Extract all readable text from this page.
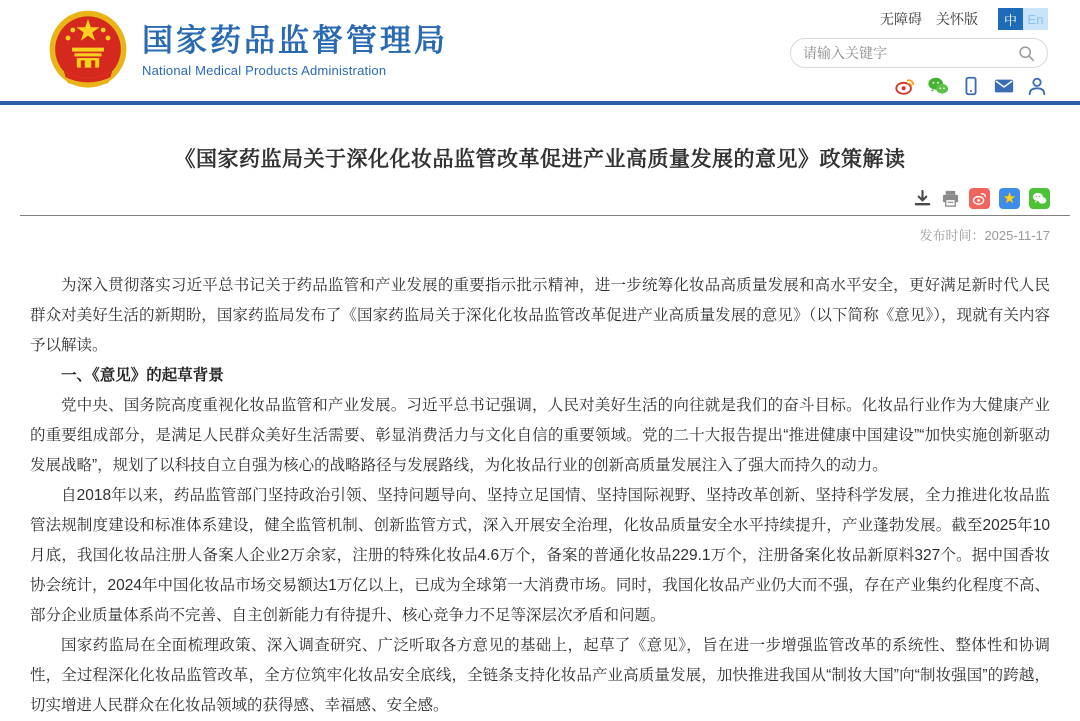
国家药品监督管理局
National Medical Products Administration
无障碍 关怀版	中 En
请输入关键字
《国家药监局关于深化化妆品监管改革促进产业高质量发展的意见》政策解读
★
发布时间：2025-11-17

为深入贯彻落实习近平总书记关于药品监管和产业发展的重要指示批示精神，进一步统筹化妆品高质量发展和高水平安全，更好满足新时代人民群众对美好生活的新期盼，国家药监局发布了《国家药监局关于深化化妆品监管改革促进产业高质量发展的意见》（以下简称《意见》），现就有关内容予以解读。

一、《意见》的起草背景

党中央、国务院高度重视化妆品监管和产业发展。习近平总书记强调，人民对美好生活的向往就是我们的奋斗目标。化妆品行业作为大健康产业的重要组成部分，是满足人民群众美好生活需要、彰显消费活力与文化自信的重要领域。党的二十大报告提出“推进健康中国建设”“加快实施创新驱动发展战略”，规划了以科技自立自强为核心的战略路径与发展路线，为化妆品行业的创新高质量发展注入了强大而持久的动力。

自2018年以来，药品监管部门坚持政治引领、坚持问题导向、坚持立足国情、坚持国际视野、坚持改革创新、坚持科学发展，全力推进化妆品监管法规制度建设和标准体系建设，健全监管机制、创新监管方式，深入开展安全治理，化妆品质量安全水平持续提升，产业蓬勃发展。截至2025年10月底，我国化妆品注册人备案人企业2万余家，注册的特殊化妆品4.6万个，备案的普通化妆品229.1万个，注册备案化妆品新原料327个。据中国香妆协会统计，2024年中国化妆品市场交易额达1万亿以上，已成为全球第一大消费市场。同时，我国化妆品产业仍大而不强，存在产业集约化程度不高、部分企业质量体系尚不完善、自主创新能力有待提升、核心竞争力不足等深层次矛盾和问题。

国家药监局在全面梳理政策、深入调查研究、广泛听取各方意见的基础上，起草了《意见》，旨在进一步增强监管改革的系统性、整体性和协调性，全过程深化化妆品监管改革，全方位筑牢化妆品安全底线，全链条支持化妆品产业高质量发展，加快推进我国从“制妆大国”向“制妆强国”的跨越，切实增进人民群众在化妆品领域的获得感、幸福感、安全感。
